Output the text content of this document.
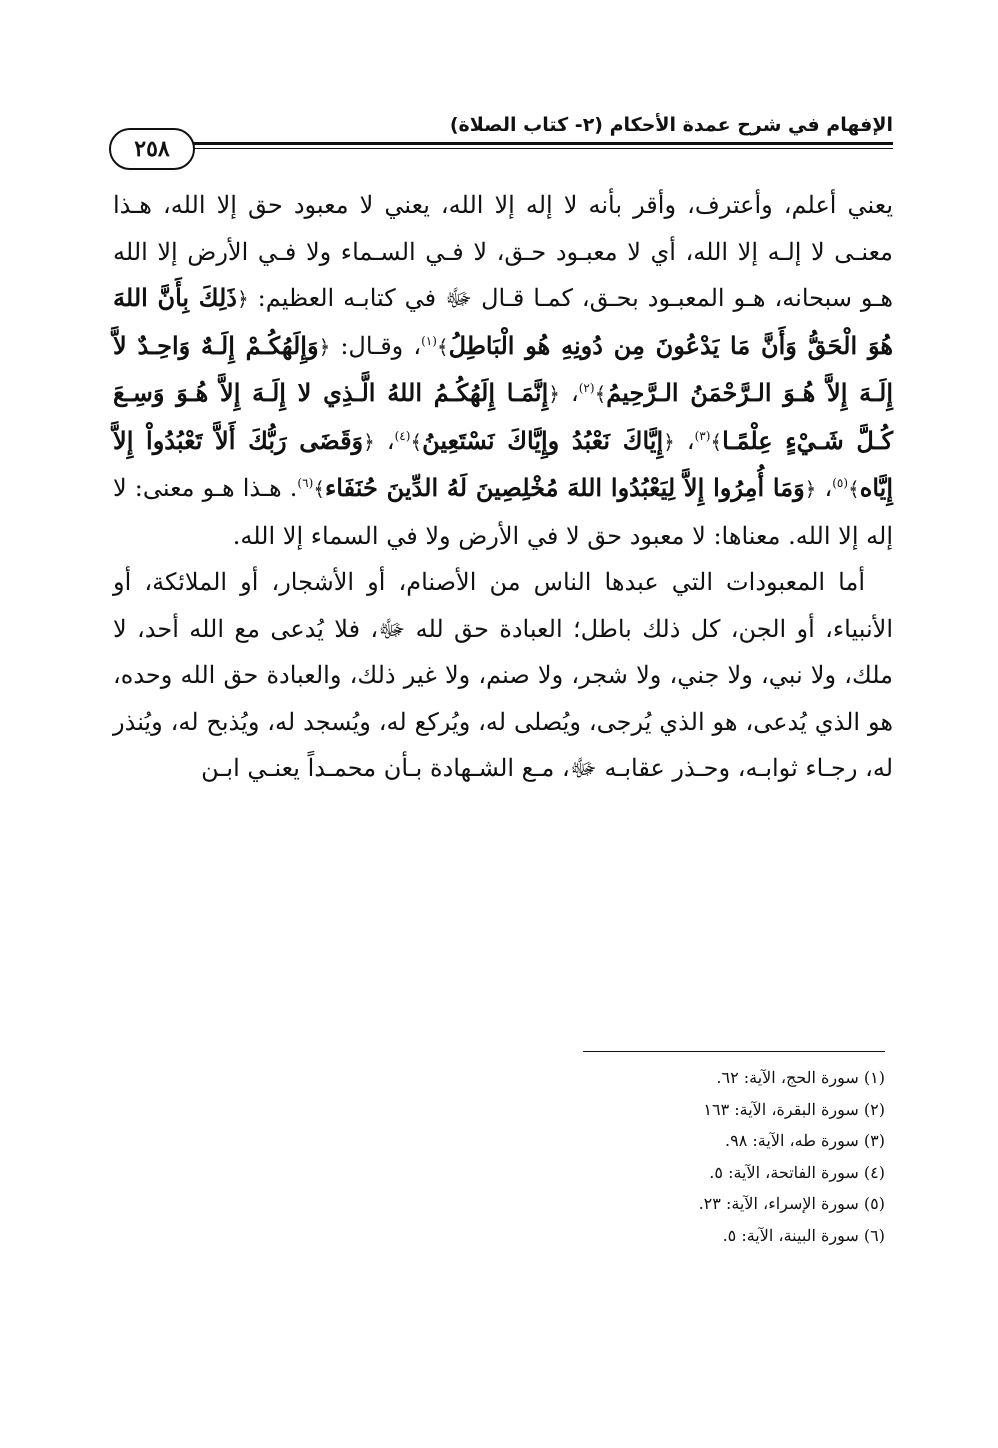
الإفهام في شرح عمدة الأحكام (٢- كتاب الصلاة)
٢٥٨

يعني أعلم، وأعترف، وأقر بأنه لا إله إلا الله، يعني لا معبود حق إلا الله، هـذا معنـى لا إلـه إلا الله، أي لا معبـود حـق، لا فـي السـماء ولا فـي الأرض إلا الله هـو سبحانه، هـو المعبـود بحـق، كمـا قـال ﷻ في كتابـه العظيم: ﴿ذَلِكَ بِأَنَّ اللهَ هُوَ الْحَقُّ وَأَنَّ مَا يَدْعُونَ مِن دُونِهِ هُو الْبَاطِلُ﴾$^{(١)}$، وقـال: ﴿وَإِلَهُكُـمْ إِلَـهٌ وَاحِـدٌ لاَّ إِلَـهَ إِلاَّ هُـوَ الـرَّحْمَنُ الـرَّحِيمُ﴾$^{(٢)}$، ﴿إِنَّمَـا إِلَهُكُـمُ اللهُ الَّـذِي لا إِلَـهَ إِلاَّ هُـوَ وَسِـعَ كُـلَّ شَـيْءٍ عِلْمًـا﴾$^{(٣)}$، ﴿إِيَّاكَ نَعْبُدُ وإِيَّاكَ نَسْتَعِينُ﴾$^{(٤)}$، ﴿وَقَضَى رَبُّكَ أَلاَّ تَعْبُدُواْ إِلاَّ إِيَّاه﴾$^{(٥)}$، ﴿وَمَا أُمِرُوا إِلاَّ لِيَعْبُدُوا اللهَ مُخْلِصِينَ لَهُ الدِّينَ حُنَفَاء﴾$^{(٦)}$. هـذا هـو معنى: لا إله إلا الله. معناها: لا معبود حق لا في الأرض ولا في السماء إلا الله.

أما المعبودات التي عبدها الناس من الأصنام، أو الأشجار، أو الملائكة، أو الأنبياء، أو الجن، كل ذلك باطل؛ العبادة حق لله ﷻ، فلا يُدعى مع الله أحد، لا ملك، ولا نبي، ولا جني، ولا شجر، ولا صنم، ولا غير ذلك، والعبادة حق الله وحده، هو الذي يُدعى، هو الذي يُرجى، ويُصلى له، ويُركع له، ويُسجد له، ويُذبح له، ويُنذر له، رجـاء ثوابـه، وحـذر عقابـه ﷻ، مـع الشـهادة بـأن محمـداً يعنـي ابـن

(١) سورة الحج، الآية: ٦٢.

(٢) سورة البقرة، الآية: ١٦٣

(٣) سورة طه، الآية: ٩٨.

(٤) سورة الفاتحة، الآية: ٥.

(٥) سورة الإسراء، الآية: ٢٣.

(٦) سورة البينة، الآية: ٥.
